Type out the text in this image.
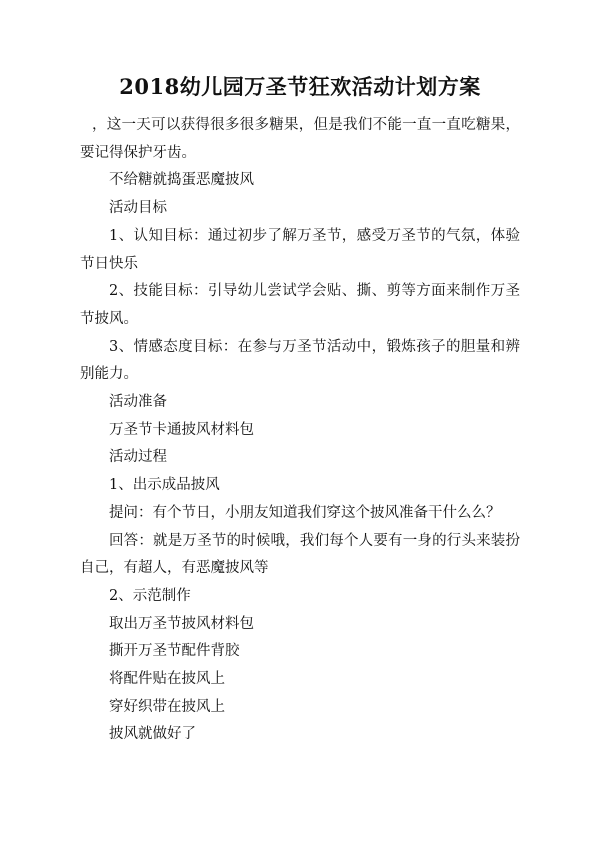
2018幼儿园万圣节狂欢活动计划方案

，这一天可以获得很多很多糖果，但是我们不能一直一直吃糖果，要记得保护牙齿。

不给糖就捣蛋恶魔披风

活动目标

1、认知目标：通过初步了解万圣节，感受万圣节的气氛，体验节日快乐

2、技能目标：引导幼儿尝试学会贴、撕、剪等方面来制作万圣节披风。

3、情感态度目标：在参与万圣节活动中，锻炼孩子的胆量和辨别能力。

活动准备

万圣节卡通披风材料包

活动过程

1、出示成品披风

提问：有个节日，小朋友知道我们穿这个披风准备干什么么？

回答：就是万圣节的时候哦，我们每个人要有一身的行头来装扮自己，有超人，有恶魔披风等

2、示范制作

取出万圣节披风材料包

撕开万圣节配件背胶

将配件贴在披风上

穿好织带在披风上

披风就做好了
